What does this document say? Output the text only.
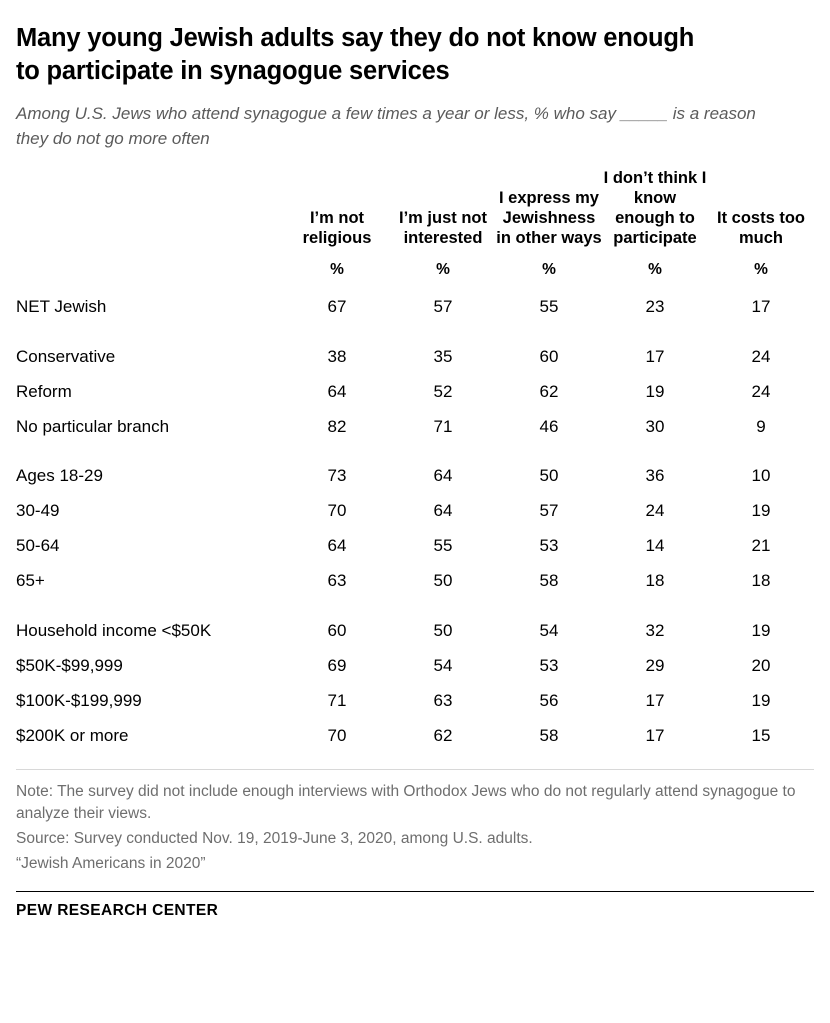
Many young Jewish adults say they do not know enough to participate in synagogue services
Among U.S. Jews who attend synagogue a few times a year or less, % who say _____ is a reason they do not go more often
	I’m not religious	I’m just not interested	I express my Jewishness in other ways	I don’t think I know enough to participate	It costs too much
	%	%	%	%	%
NET Jewish	67	57	55	23	17
Conservative	38	35	60	17	24
Reform	64	52	62	19	24
No particular branch	82	71	46	30	9
Ages 18-29	73	64	50	36	10
30-49	70	64	57	24	19
50-64	64	55	53	14	21
65+	63	50	58	18	18
Household income <$50K	60	50	54	32	19
$50K-$99,999	69	54	53	29	20
$100K-$199,999	71	63	56	17	19
$200K or more	70	62	58	17	15

Note: The survey did not include enough interviews with Orthodox Jews who do not regularly attend synagogue to analyze their views.

Source: Survey conducted Nov. 19, 2019-June 3, 2020, among U.S. adults.

“Jewish Americans in 2020”

PEW RESEARCH CENTER
